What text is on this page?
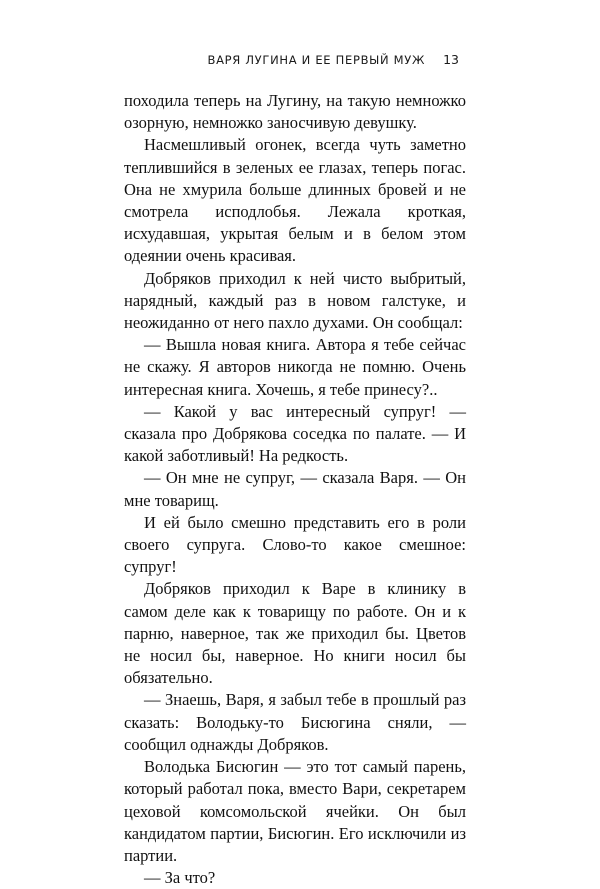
ВАРЯ ЛУГИНА И ЕЕ ПЕРВЫЙ МУЖ 13

походила теперь на Лугину, на такую немножко озорную, немножко заносчивую девушку.

Насмешливый огонек, всегда чуть заметно теплившийся в зеленых ее глазах, теперь погас. Она не хмурила больше длинных бровей и не смотрела исподлобья. Лежала кроткая, исхудавшая, укрытая белым и в белом этом одеянии очень красивая.

Добряков приходил к ней чисто выбритый, нарядный, каждый раз в новом галстуке, и неожиданно от него пахло духами. Он сообщал:

— Вышла новая книга. Автора я тебе сейчас не скажу. Я авторов никогда не помню. Очень интересная книга. Хочешь, я тебе принесу?..

— Какой у вас интересный супруг! — сказала про Добрякова соседка по палате. — И какой заботливый! На редкость.

— Он мне не супруг, — сказала Варя. — Он мне товарищ.

И ей было смешно представить его в роли своего супруга. Слово-то какое смешное: супруг!

Добряков приходил к Варе в клинику в самом деле как к товарищу по работе. Он и к парню, наверное, так же приходил бы. Цветов не носил бы, наверное. Но книги носил бы обязательно.

— Знаешь, Варя, я забыл тебе в прошлый раз сказать: Володьку-то Бисюгина сняли, — сообщил однажды Добряков.

Володька Бисюгин — это тот самый парень, который работал пока, вместо Вари, секретарем цеховой комсомольской ячейки. Он был кандидатом партии, Бисюгин. Его исключили из партии.

— За что?
